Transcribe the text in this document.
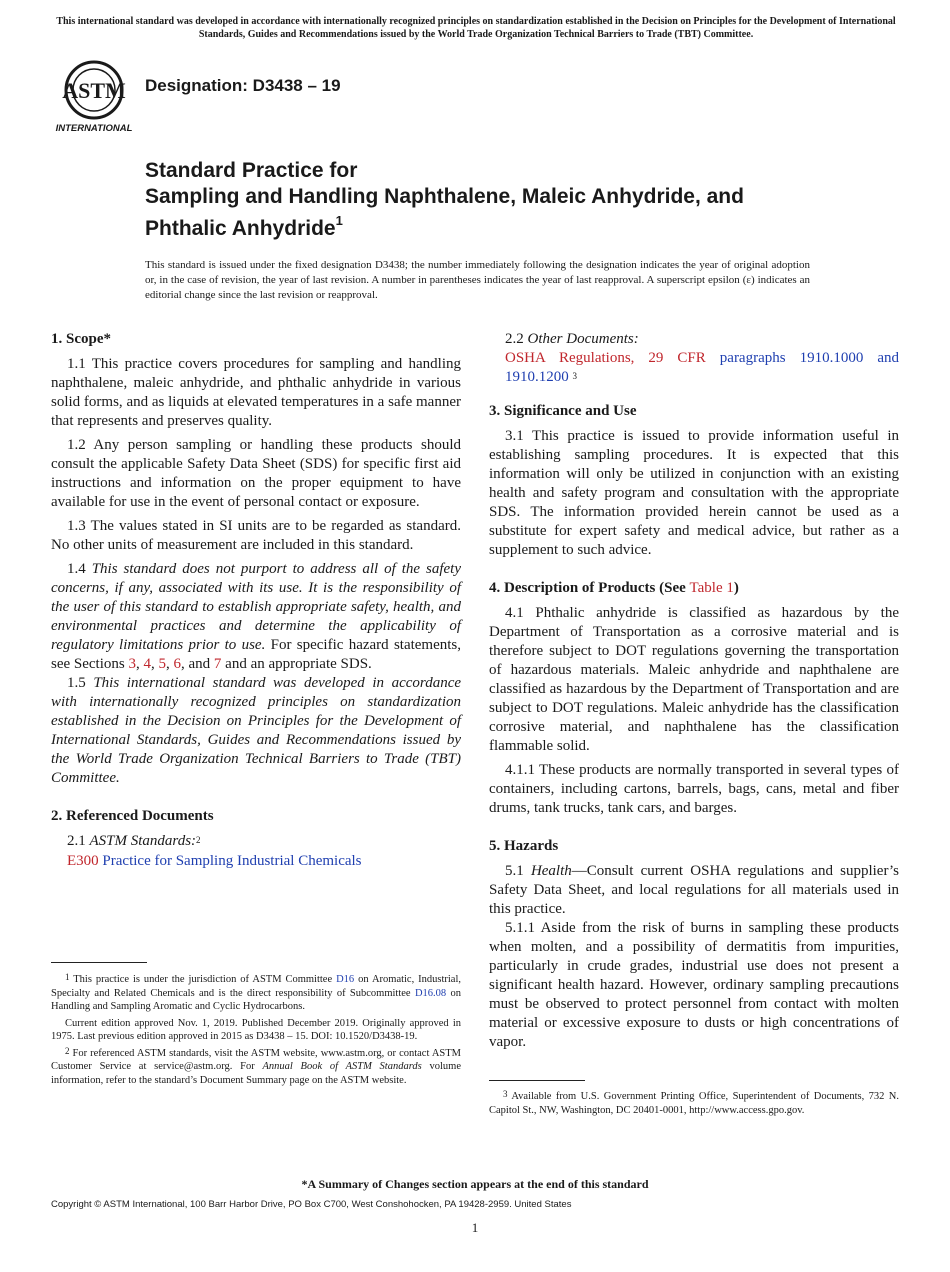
This international standard was developed in accordance with internationally recognized principles on standardization established in the Decision on Principles for the Development of International Standards, Guides and Recommendations issued by the World Trade Organization Technical Barriers to Trade (TBT) Committee.
ASTM
INTERNATIONAL
Designation: D3438 – 19
Standard Practice for
Sampling and Handling Naphthalene, Maleic Anhydride, and
Phthalic Anhydride$^1$
This standard is issued under the fixed designation D3438; the number immediately following the designation indicates the year of original adoption or, in the case of revision, the year of last revision. A number in parentheses indicates the year of last reapproval. A superscript epsilon (ε) indicates an editorial change since the last revision or reapproval.
1. Scope*

1.1 This practice covers procedures for sampling and handling naphthalene, maleic anhydride, and phthalic anhydride in various solid forms, and as liquids at elevated temperatures in a safe manner that represents and preserves quality.

1.2 Any person sampling or handling these products should consult the applicable Safety Data Sheet (SDS) for specific first aid instructions and information on the proper equipment to have available for use in the event of personal contact or exposure.

1.3 The values stated in SI units are to be regarded as standard. No other units of measurement are included in this standard.

1.4 This standard does not purport to address all of the safety concerns, if any, associated with its use. It is the responsibility of the user of this standard to establish appropriate safety, health, and environmental practices and determine the applicability of regulatory limitations prior to use. For specific hazard statements, see Sections 3, 4, 5, 6, and 7 and an appropriate SDS.

1.5 This international standard was developed in accordance with internationally recognized principles on standardization established in the Decision on Principles for the Development of International Standards, Guides and Recommendations issued by the World Trade Organization Technical Barriers to Trade (TBT) Committee.

2. Referenced Documents

2.1 ASTM Standards:$^2$

E300 Practice for Sampling Industrial Chemicals

$^1$ This practice is under the jurisdiction of ASTM Committee D16 on Aromatic, Industrial, Specialty and Related Chemicals and is the direct responsibility of Subcommittee D16.08 on Handling and Sampling Aromatic and Cyclic Hydrocarbons.

Current edition approved Nov. 1, 2019. Published December 2019. Originally approved in 1975. Last previous edition approved in 2015 as D3438 – 15. DOI: 10.1520/D3438-19.

$^2$ For referenced ASTM standards, visit the ASTM website, www.astm.org, or contact ASTM Customer Service at service@astm.org. For Annual Book of ASTM Standards volume information, refer to the standard’s Document Summary page on the ASTM website.

2.2 Other Documents:

OSHA Regulations, 29 CFR paragraphs 1910.1000 and 1910.1200 $^3$
3. Significance and Use

3.1 This practice is issued to provide information useful in establishing sampling procedures. It is expected that this information will only be utilized in conjunction with an existing health and safety program and consultation with the appropriate SDS. The information provided herein cannot be used as a substitute for expert safety and medical advice, but rather as a supplement to such advice.

4. Description of Products (See Table 1)

4.1 Phthalic anhydride is classified as hazardous by the Department of Transportation as a corrosive material and is therefore subject to DOT regulations governing the transportation of hazardous materials. Maleic anhydride and naphthalene are classified as hazardous by the Department of Transportation and are subject to DOT regulations. Maleic anhydride has the classification corrosive material, and naphthalene has the classification flammable solid.

4.1.1 These products are normally transported in several types of containers, including cartons, barrels, bags, cans, metal and fiber drums, tank trucks, tank cars, and barges.

5. Hazards

5.1 Health—Consult current OSHA regulations and supplier’s Safety Data Sheet, and local regulations for all materials used in this practice.

5.1.1 Aside from the risk of burns in sampling these products when molten, and a possibility of dermatitis from impurities, particularly in crude grades, industrial use does not present a significant health hazard. However, ordinary sampling precautions must be observed to protect personnel from contact with molten material or excessive exposure to dusts or high concentrations of vapor.

$^3$ Available from U.S. Government Printing Office, Superintendent of Documents, 732 N. Capitol St., NW, Washington, DC 20401-0001, http://www.access.gpo.gov.

*A Summary of Changes section appears at the end of this standard
Copyright © ASTM International, 100 Barr Harbor Drive, PO Box C700, West Conshohocken, PA 19428-2959. United States
1
